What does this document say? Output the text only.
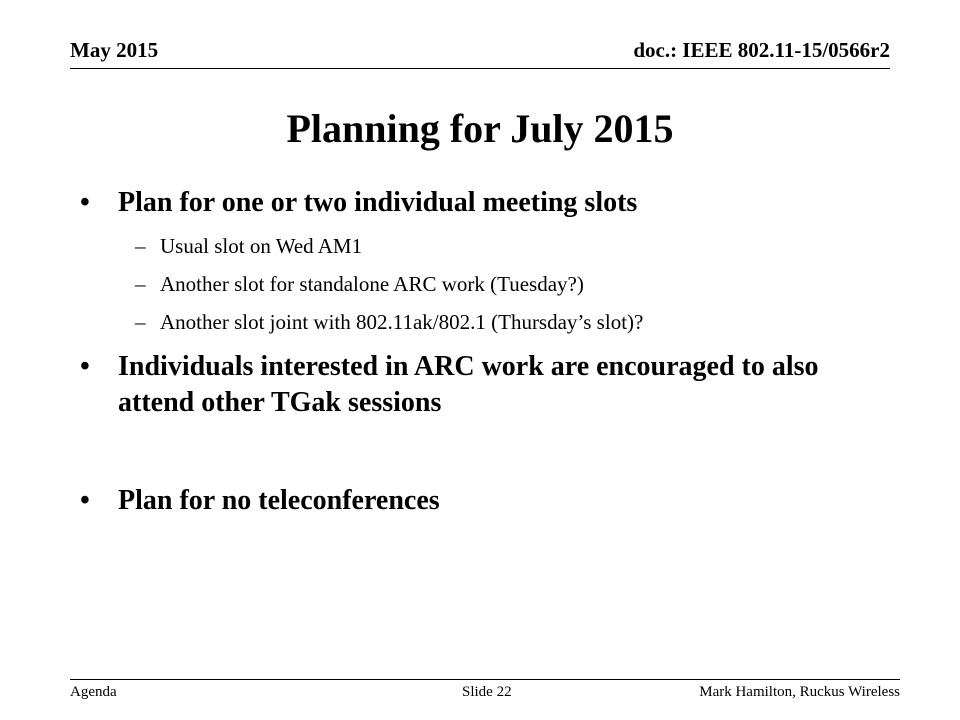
May 2015	doc.: IEEE 802.11-15/0566r2
Planning for July 2015
• Plan for one or two individual meeting slots
– Usual slot on Wed AM1
– Another slot for standalone ARC work (Tuesday?)
– Another slot joint with 802.11ak/802.1 (Thursday’s slot)?
• Individuals interested in ARC work are encouraged to also attend other TGak sessions
• Plan for no teleconferences
Agenda	Slide 22	Mark Hamilton, Ruckus Wireless
